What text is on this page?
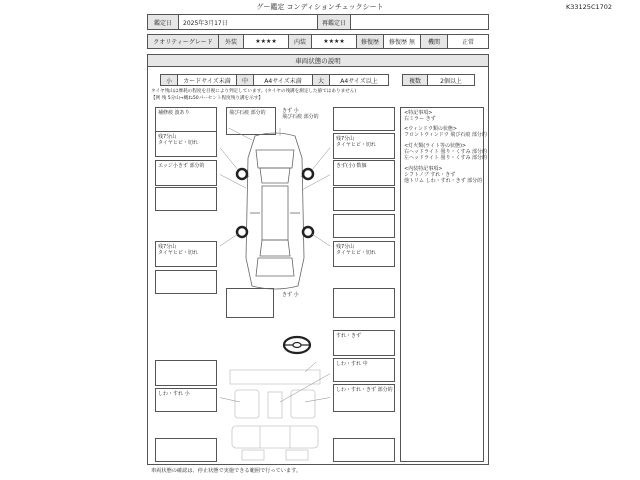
グー鑑定 コンディションチェックシート	K33125C1702
鑑定日	2025年3月17日	再鑑定日
クオリティーグレード	外装	★★★★	内装	★★★★	修復歴	修復歴 無	機関	正常
車両状態の説明
小	カードサイズ未満	中	A4サイズ未満	大	A4サイズ以上	複数	2個以上
タイヤ残山は摩耗の程度を目視により判定しています。(タイヤの残溝を測定した値ではありません)
【例 残 5分山→概ね50パーセント程度残り溝を示す】
補修痕 波あり
残7分山
タイヤヒビ・切れ
エッジ小きず 部分的
残7分山
タイヤヒビ・切れ
しわ・すれ 小
飛び石痕 部分的	きず 小
飛び石痕 部分的
きず 小
残7分山
タイヤヒビ・切れ
きず(小) 数個
残7分山
タイヤヒビ・切れ
すれ・きず
しわ・すれ 中
しわ・すれ・きず 部分的
<特記事項>
右ミラー きず
<ウィンドウ類の状態>
フロントウィンドウ 飛び石痕 部分的
<灯火類(ライト等の状態)>
右ヘッドライト 曇り・くすみ 部分的
左ヘッドライト 曇り・くすみ 部分的
<内装特記事項>
シフトノブ すれ・きず
他トリム しわ・すれ・きず 部分的
車両状態の確認は、停止状態で実施できる範囲で行っています。
